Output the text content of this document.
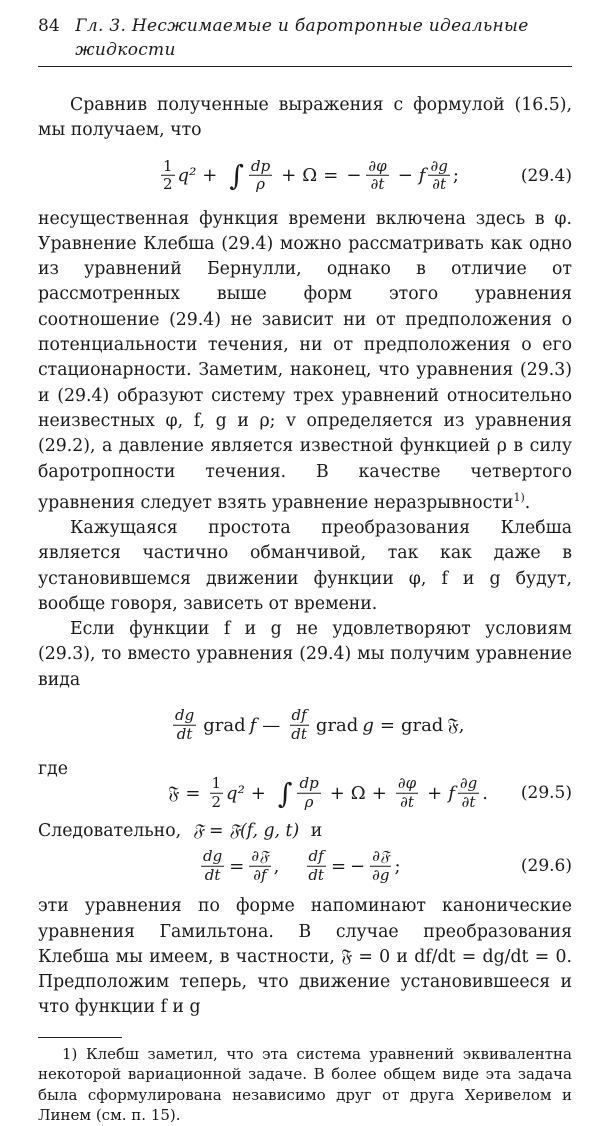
84 Гл. 3. Несжимаемые и баротропные идеальные жидкости

Сравнив полученные выражения с формулой (16.5), мы получаем, что

$\frac{1}{2} q^2$ + ∫ $\frac{dp}{\rho} + \Omega$ = − $\frac{\partial\varphi}{\partial t} - f \frac{\partial g}{\partial t}$ ;	(29.4)

несущественная функция времени включена здесь в φ. Уравнение Клебша (29.4) можно рассматривать как одно из уравнений Бернулли, однако в отличие от рассмотренных выше форм этого уравнения соотношение (29.4) не зависит ни от предположения о потенциальности течения, ни от предположения о его стационарности. Заметим, наконец, что уравнения (29.3) и (29.4) образуют систему трех уравнений относительно неизвестных φ, f, g и ρ; v определяется из уравнения (29.2), а давление является известной функцией ρ в силу баротропности течения. В качестве четвертого уравнения следует взять уравнение неразрывности$^{1)}$.

Кажущаяся простота преобразования Клебша является частично обманчивой, так как даже в установившемся движении функции φ, f и g будут, вообще говоря, зависеть от времени.

Если функции f и g не удовлетворяют условиям (29.3), то вместо уравнения (29.4) мы получим уравнение вида

$\frac{dg}{dt}$ grad f — $\frac{df}{dt}$ grad g = grad 𝔉 ,
где
𝔉 = $\frac{1}{2} q^2$ + ∫ $\frac{dp}{\rho} + \Omega + \frac{\partial\varphi}{\partial t} + f \frac{\partial g}{\partial t}$ . (29.5)

Следовательно, 𝔉 = 𝔉(f, g, t) и

$\frac{dg}{dt} = \frac{\text{∂𝔉}}{\partial f}$ , $\frac{df}{dt}$ = − $\frac{\text{∂𝔉}}{\partial g}$ ;	(29.6)

эти уравнения по форме напоминают канонические уравнения Гамильтона. В случае преобразования Клебша мы имеем, в частности, 𝔉 = 0 и df/dt = dg/dt = 0. Предположим теперь, что движение установившееся и что функции f и g

1) Клебш заметил, что эта система уравнений эквивалентна некоторой вариационной задаче. В более общем виде эта задача была сформулирована независимо друг от друга Херивелом и Линем (см. п. 15).
